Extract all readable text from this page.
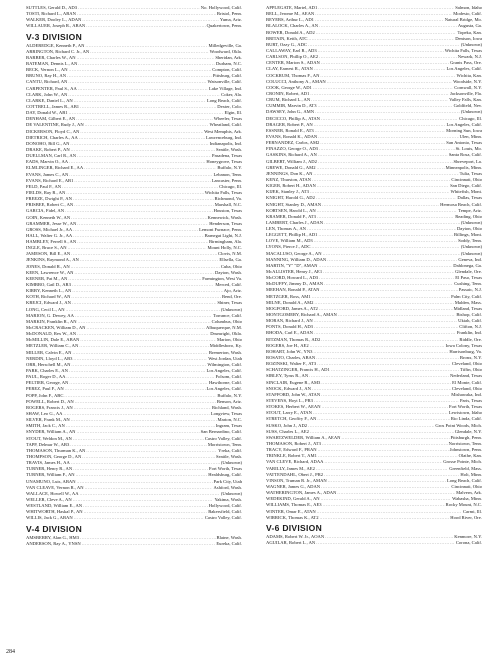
SUTTLES, Gerald D., AD3 .....	No. Hollywood, Calif.
TOSTI, Richard L., ABAN .....	Bristol, Penn.
WALKER, Dooley L., ADAN .....	Yuma, Ariz.
WILLAUER, Joseph R., ABAN .....	Quakertown, Penn.
V-3 DIVISION
ALDEREDGE, Kenneth P., AN .....	Milledgeville, Ga.
ARRINGTON, Richard C. Jr., AN .....	Woodward, Okla.
BARBER, Charles W., AN .....	Sheridan, Ark.
BATEMAN, Dennis L., AN .....	Durham, N.C.
BECK, Vernon L., AN .....	Compton, Calif.
BRUNO, Ray H., AN .....	Pittsburg, Calif.
CANTU, Richard, AN .....	Watsonville, Calif.
CARPENTER, Paul S., AA .....	Lake Village, Ind.
CLARK, John W., AN .....	Coker, Ala.
CLARKE, Daniel L., AN .....	Long Beach, Calif.
COTTRELL, James R., AB1 .....	Dexter, Colo.
DAY, Donald W., AB1 .....	Elgin, Ill.
DENHAM, Gilbert E., AN .....	Wheeler, Texas
DE VALENTINE, Rudy J., AN .....	Wheatland, Calif.
DICKERSON, Floyd C., AN .....	West Memphis, Ark.
DIETRICH, Charles A., AA .....	Lawrenceburg, Ind.
DONOHO, Bill G., AN .....	Indianapolis, Ind.
DRAKE, Robert P., AN .....	Seattle, Wash.
DUELLMAN, Carl R., AN .....	Pasadena, Texas
EADS, Marvin O., AA .....	Honeygrove, Texas
ELMLINGER, Richard E., AA .....	Buffalo, N.Y.
EVANS, James C., AN .....	Lebanon, Tenn.
EVANS, Richard E., AB1 .....	Lancaster, Penn.
FELD, Paul F., AN .....	Chicago, Ill.
FIELDS, Ray R., AN .....	Wichita Falls, Texas
FREEZE, Dwight P., AN .....	Richmond, Va.
FRISBEE, Robert C., AN .....	Marshall, N.C.
GARCIA, Fidel, AN .....	Houston, Texas
GOIN, Kenneth W., AN .....	Kennewick, Wash.
GRAMMER, Jesse W., AN .....	Henderson, Texas
GROSS, Michael Jr., AA .....	Lemont Furnace, Penn.
HALL, Walter G. Jr., AA .....	Barnegat Light, N.J.
HAMBLEY, Ferrell S., AN .....	Birmingham, Ala.
INGLE, Bruce S., AN .....	Mount Holly, N.C.
JAMESON, Bill E., AN .....	Clovis, N.M.
JENKINS, Raymond A., AN .....	Ellsella, Ga.
JONES, Donald R., AN .....	Cuba, Ohio
KEEN, Lawrence W., AN .....	Dayton, Wash.
KEENER, Pat M., AN .....	Farmington, West Va.
KIMBRO, Gail D., AR3 .....	Merced, Calif.
KIRBY, Kenneth L., AN .....	Ajo, Ariz.
KOTH, Richard W., AN .....	Bend, Ore.
KREJCI, Edward J., AN .....	Shiner, Texas
LONG, Cecil L., AN .....	(Unknown)
MARION, G. Dewey, AA .....	Torrance, Calif.
MARKIN, Franklin R., AN .....	Columbus, Ohio
McCRACKEN, William D., AN .....	Albuquerque, N.M.
McDONALD, Rex W., AN .....	Drumright, Okla.
McMILLIN, Dale E., ABAN .....	Marion, Ohio
METZLER, William C., AN .....	Middlesboro, Ky.
MILLER, Calvin E., AN .....	Bremerton, Wash.
NERDIN, Lloyd L., AB3 .....	West Jordan, Utah
ORR, Herschell M., AN .....	Wilmington, Calif.
PARK, Charles E., AN .....	Los Angeles, Calif.
PAUL, Roger D., AA .....	Folsom, Calif.
PELTIER, George, AN .....	Hawthorne, Calif.
PEREZ, Paul F., AN .....	Los Angeles, Calif.
POPP, John F., ABC .....	Buffalo, N.Y.
POWELL, Robert D., AN .....	Benson, Ariz.
ROGERS, Francis J., AN .....	Richland, Wash.
SHAW, Leo G., AA .....	Longview, Texas
SILVER, Frank M., AN .....	Marion, N.C.
SMITH, Jack C., AN .....	Ingram, Texas
SNYDER, William A., AN .....	San Bernardino, Calif.
STOUT, Weldon M., AN .....	Castro Valley, Calif.
TAPP, Delmar W., AB3 .....	Morristown, Tenn.
THOMASON, Thurman K., AN .....	Yreka, Calif.
THOMPSON, George D., AN .....	Seattle, Wash.
TRAVIS, James H., AA .....	(Unknown)
TURNER, Henry R., AN .....	Fort Worth, Texas
TURNER, William F., AN .....	Healdsburg, Calif.
UNAMUNO, Luis, ABAN .....	Park City, Utah
VAN CLEAVE, Vernon R., AN .....	Ashford, Wash.
WALLACE, Howell W., AA .....	(Unknown)
WELLER, Cleve A., AN .....	Yakima, Wash.
WESTLAND, William E., AN .....	Hollywood, Calif.
WHITWORTH, Haskal P., AN .....	Bakersfield, Calif.
WILLIS, Jack G., ABAN .....	Castro Valley, Calif.
V-4 DIVISION
AMSBERRY, Alan G., HM3 .....	Blaine, Wash.
ANDERSON, Ray A., YNSN .....	Eureka, Calif.
APPLEGATE, Martel, AD1 .....	Salmon, Idaho
BELL, Jerome M., AEAN .....	Modesto, Calif.
BEYERS, Arthur L., AD1 .....	Natural Bridge, Mo.
BLALOCK, Charles A., AN .....	Augusta, Ga.
BOWER, Donald A., AD2 .....	Topeka, Kan.
BRITAIN, Keith, ATC .....	Denison, Iowa
BURT, Ozzy G., ADC .....	(Unknown)
CALLAWAY, Earl R., AD3 .....	Wichita Falls, Texas
CARLSON, Phillip O., AE2 .....	Newark, N.J.
CENTER, Marion S., ADAN .....	Grants Pass, Ore.
CLAY, Earnest R., ATAN .....	Los Angeles, Calif.
COCKRUM, Thomas F., AN .....	Wichita, Kan.
COLUCCI, Anthony A., AMAN .....	Woodside, N.Y.
COOK, George W., AD1 .....	Cornwall, N.Y.
CRONIN, Robert, AD1 .....	Jacksonville, Fla.
CRUM, Richard L., AN .....	Valley Falls, Kan.
CUMMIR, Marvin D., AT3 .....	Goldfield, Nev.
DAWSEY, John G., AMN .....	(Unknown)
DECICCO, Phillip A., ATAN .....	Chicago, Ill.
DRAGER, Robert P., AN .....	Los Angeles, Calif.
ESSNER, Ronald E., AT3 .....	Morning Sun, Iowa
EVANS, Ronald K., ADAN .....	Ulen, Minn.
FERNANDEZ, Carlos, AM2 .....	San Antonio, Texas
FINAZZO, George O., AD3 .....	St. Louis, Mo.
GASKINS, Richard A., AN .....	Santa Rosa, Calif.
GILBERT, William J., AD2 .....	Shreveport, La.
GREWE, Donald G., AM2 .....	Minneapolis, Minn.
JENNINGS, Don K., AN .....	Tulia, Texas
KENZ, Thurston, ATAN .....	Cincinnati, Ohio
KIGER, Robert H., ADAN .....	San Diego, Calif.
KIJEK, Stanley J., AT3 .....	Whitefish, Mont.
KNIGHT, Harold G., AD2 .....	Dallas, Texas
KNIGHT, Stanley D., AMAN .....	Hermosa Beach, Calif.
KORTSEN, Harold L., AN .....	Tempe, Ariz.
KRAMER, Donald F., AT3 .....	Reading, Ohio
LAMBERT, Charles J., ADAN .....	(Unknown)
LEN, Thomas A., AN .....	Dayton, Ohio
LEGGETT, Phillip H., AD1 .....	Billings, Mont.
LOVE, William M., AD3 .....	Soddy, Tenn.
LYONS, Pierce J., ADC .....	(Unknown)
MACALUSO, George A., AN .....	(Unknown)
MANNING, William D., ADAN .....	Geneva, Ind.
MARTIN, "Y" "D", AMAN .....	Dahlonega, Ga.
McALLISTER, Henry J., AE1 .....	Glendale, Ore.
McCORD, Howard L., AD3 .....	El Paso, Texas
McDUFFY, Jimmy D., AMAN .....	Cushing, Tenn.
MEEHAN, Ronald P., ATAN .....	Passaic, N.J.
METZGER, Ross, AM1 .....	Palm City, Calif.
MILNE, Donald A., AM2 .....	Malden, Mass.
MOGFORD, James A., AT2 .....	Midland, Texas
MONTGOMERY, Richard A., AMAN .....	Bishop, Calif.
MORAN, Richard J., AN .....	Ukiah, Calif.
PONTS, Donald H., AD3 .....	Clifton, N.J.
RHODA, Carl E., ADAN .....	Franklin, Ind.
RITZMAN, Thomas R., AD2 .....	Riddle, Ore.
ROGERS, Joe H., AE2 .....	Iowa Colony, Texas
ROHART, John W., YN3 .....	Harrisonburg, Va.
ROSATO, Charles, ABAN .....	Bronx, N.Y.
ROZINSKI, Walter F., AT3 .....	Cleveland, Ohio
SCHATZINGER, Francis H., AD1 .....	Tiffin, Ohio
SIBLEY, Tyrus R., AN .....	Nederland, Texas
SINCLAIR, Eugene R., AM3 .....	El Monte, Calif.
SNOCK, Edward J., AN .....	Cleveland, Ohio
STAFFORD, John W., ATAN .....	Mishawaka, Ind.
STEVENS, Hoyt L., PR3 .....	Paris, Texas
STOKES, Herbert W., AEAN .....	Fort Worth, Texas
STOUT, Larry E., ATAN .....	Lewistown, Idaho
STRETCH, Geoffry F., AN .....	Rio Linda, Calif.
SUSKO, John J., AD2 .....	Gros Point Woods, Mich.
SUSS, Charles L., AE2 .....	Glendale, N.Y.
SWARTZWELDER, William A., AEAN .....	Pittsburgh, Penn.
THOMASON, Robert J., AT3 .....	Norristown, Tenn.
TRACY, Edward F., PRAN .....	Johnstown, Penn.
TRINKLE, Robert T., AM1 .....	Olathe, Kan.
VAN CLEVE, Richard, ADAA .....	Grosse Pointe, Mich.
VARILLY, James M., AE2 .....	Greenfield, Mass.
VATTENDAHL, Obert J., PR2 .....	Holt, Minn.
VINSON, Truman R. Jr., AMAN .....	Long Beach, Calif.
WAGNER, James G., ADAN .....	Cincinnati, Ohio
WATHERINGTON, James A., ADAN .....	Malvern, Ark.
WEDEKIND, Gerald A., AN .....	Wabasha, Minn.
WILLIAMS, Thomas E., AE3 .....	Rocky Mount, N.C.
WINTER, Omar E., ATAN .....	Carmi, Ill.
WIRRICK, Thomas K., AT2 .....	Hood River, Ore.
V-6 DIVISION
ADAMS, Robert W. Jr., AOAN .....	Kenmore, N.Y.
AGUILAR, Robert L., AN .....	Corona, Calif.
284
